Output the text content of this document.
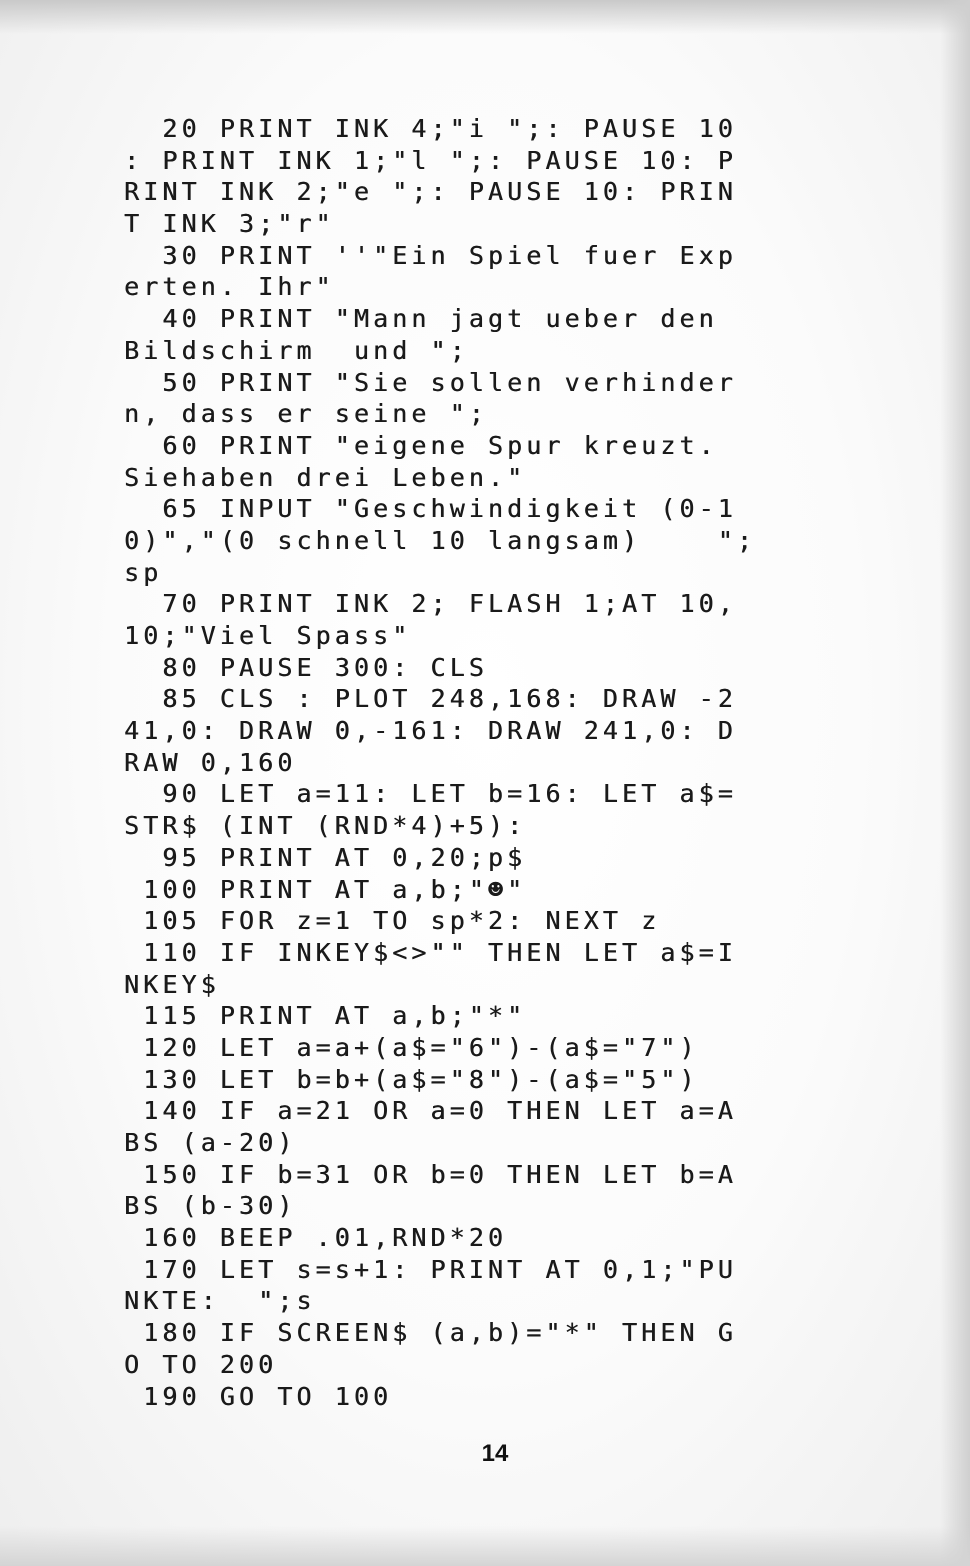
20 PRINT INK 4;"i ";: PAUSE 10
: PRINT INK 1;"l ";: PAUSE 10: P
RINT INK 2;"e ";: PAUSE 10: PRIN
T INK 3;"r"
30 PRINT ''"Ein Spiel fuer Exp
erten. Ihr"
40 PRINT "Mann jagt ueber den
Bildschirm  und ";
50 PRINT "Sie sollen verhinder
n, dass er seine ";
60 PRINT "eigene Spur kreuzt.
Siehaben drei Leben."
65 INPUT "Geschwindigkeit (0-1
0)","(0 schnell 10 langsam)    ";
sp
70 PRINT INK 2; FLASH 1;AT 10,
10;"Viel Spass"
80 PAUSE 300: CLS
85 CLS : PLOT 248,168: DRAW -2
41,0: DRAW 0,-161: DRAW 241,0: D
RAW 0,160
90 LET a=11: LET b=16: LET a$=
STR$ (INT (RND*4)+5):
95 PRINT AT 0,20;p$
100 PRINT AT a,b;"☻"
105 FOR z=1 TO sp*2: NEXT z
110 IF INKEY$<>"" THEN LET a$=I
NKEY$
115 PRINT AT a,b;"*"
120 LET a=a+(a$="6")-(a$="7")
130 LET b=b+(a$="8")-(a$="5")
140 IF a=21 OR a=0 THEN LET a=A
BS (a-20)
150 IF b=31 OR b=0 THEN LET b=A
BS (b-30)
160 BEEP .01,RND*20
170 LET s=s+1: PRINT AT 0,1;"PU
NKTE:  ";s
180 IF SCREEN$ (a,b)="*" THEN G
O TO 200
190 GO TO 100
14
